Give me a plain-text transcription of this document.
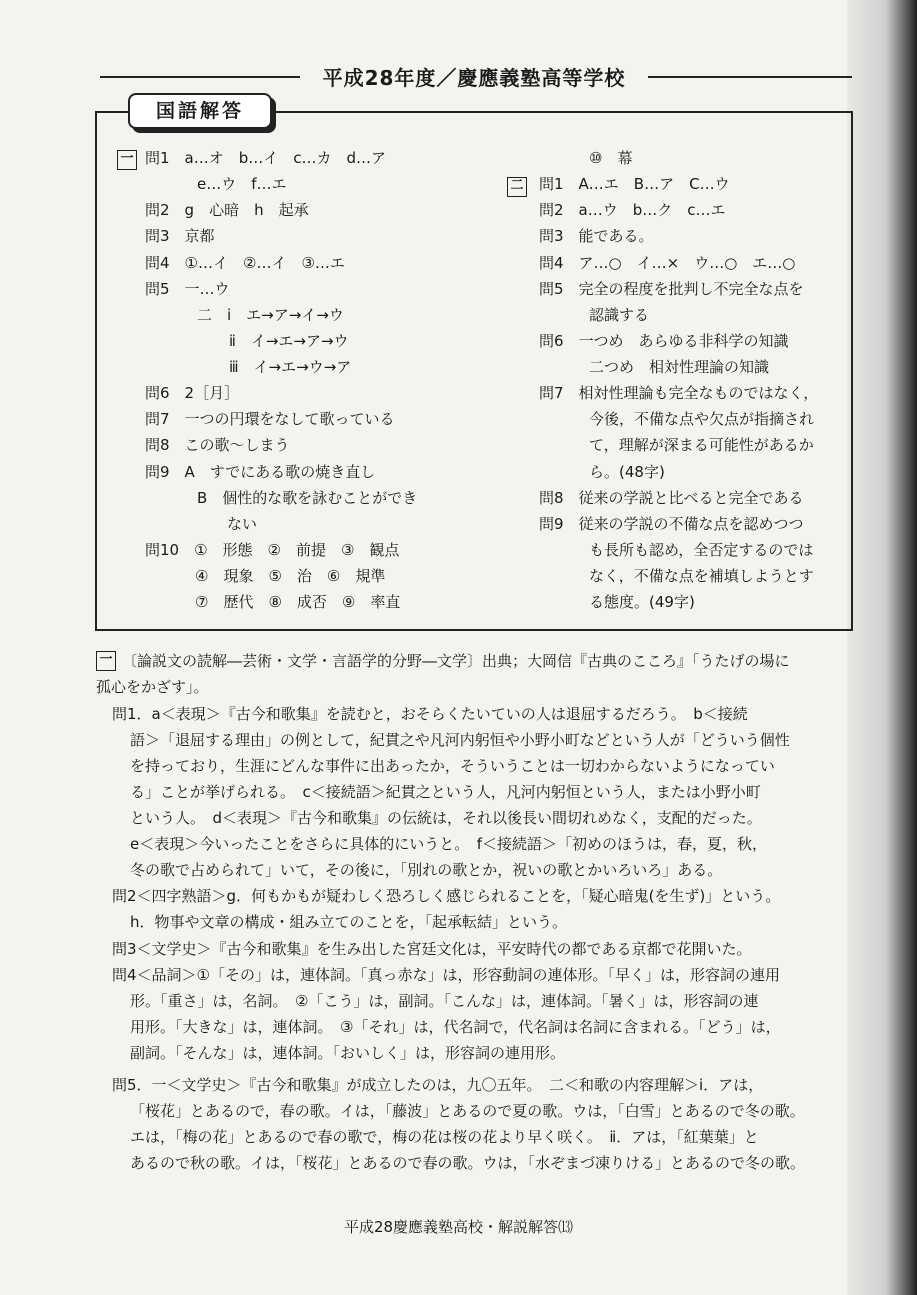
平成28年度／慶應義塾高等学校
国語解答
一
二
問1　a…オ　b…イ　c…カ　d…ア
e…ウ　f…エ
問2　g　心暗　h　起承
問3　京都
問4　①…イ　②…イ　③…エ
問5　一…ウ
二　ⅰ　エ→ア→イ→ウ
ⅱ　イ→エ→ア→ウ
ⅲ　イ→エ→ウ→ア
問6　2［月］
問7　一つの円環をなして歌っている
問8　この歌～しまう
問9　A　すでにある歌の焼き直し
B　個性的な歌を詠むことができ
ない
問10　①　形態　②　前提　③　観点
④　現象　⑤　治　⑥　規準
⑦　歴代　⑧　成否　⑨　率直
⑩　幕
問1　A…エ　B…ア　C…ウ
問2　a…ウ　b…ク　c…エ
問3　能である。
問4　ア…○　イ…×　ウ…○　エ…○
問5　完全の程度を批判し不完全な点を
認識する
問6　一つめ　あらゆる非科学の知識
二つめ　相対性理論の知識
問7　相対性理論も完全なものではなく，
今後，不備な点や欠点が指摘され
て，理解が深まる可能性があるか
ら。(48字)
問8　従来の学説と比べると完全である
問9　従来の学説の不備な点を認めつつ
も長所も認め，全否定するのでは
なく，不備な点を補填しようとす
る態度。(49字)
一 〔論説文の読解―芸術・文学・言語学的分野―文学〕出典；大岡信『古典のこころ』「うたげの場に
孤心をかざす」。
問1．a＜表現＞『古今和歌集』を読むと，おそらくたいていの人は退屈するだろう。　b＜接続
語＞「退屈する理由」の例として，紀貫之や凡河内躬恒や小野小町などという人が「どういう個性
を持っており，生涯にどんな事件に出あったか，そういうことは一切わからないようになってい
る」ことが挙げられる。　c＜接続語＞紀貫之という人，凡河内躬恒という人，または小野小町
という人。　d＜表現＞『古今和歌集』の伝統は，それ以後長い間切れめなく，支配的だった。
e＜表現＞今いったことをさらに具体的にいうと。　f＜接続語＞「初めのほうは，春，夏，秋，
冬の歌で占められて」いて，その後に，「別れの歌とか，祝いの歌とかいろいろ」ある。
問2＜四字熟語＞g．何もかもが疑わしく恐ろしく感じられることを，「疑心暗鬼(を生ず)」という。
h．物事や文章の構成・組み立てのことを，「起承転結」という。
問3＜文学史＞『古今和歌集』を生み出した宮廷文化は，平安時代の都である京都で花開いた。
問4＜品詞＞①「その」は，連体詞。「真っ赤な」は，形容動詞の連体形。「早く」は，形容詞の連用
形。「重さ」は，名詞。　②「こう」は，副詞。「こんな」は，連体詞。「暑く」は，形容詞の連
用形。「大きな」は，連体詞。　③「それ」は，代名詞で，代名詞は名詞に含まれる。「どう」は，
副詞。「そんな」は，連体詞。「おいしく」は，形容詞の連用形。
問5．一＜文学史＞『古今和歌集』が成立したのは，九〇五年。　二＜和歌の内容理解＞ⅰ．アは，
「桜花」とあるので，春の歌。イは，「藤波」とあるので夏の歌。ウは，「白雪」とあるので冬の歌。
エは，「梅の花」とあるので春の歌で，梅の花は桜の花より早く咲く。　ⅱ．アは，「紅葉葉」と
あるので秋の歌。イは，「桜花」とあるので春の歌。ウは，「水ぞまづ凍りける」とあるので冬の歌。
平成28慶應義塾高校・解説解答⒀
